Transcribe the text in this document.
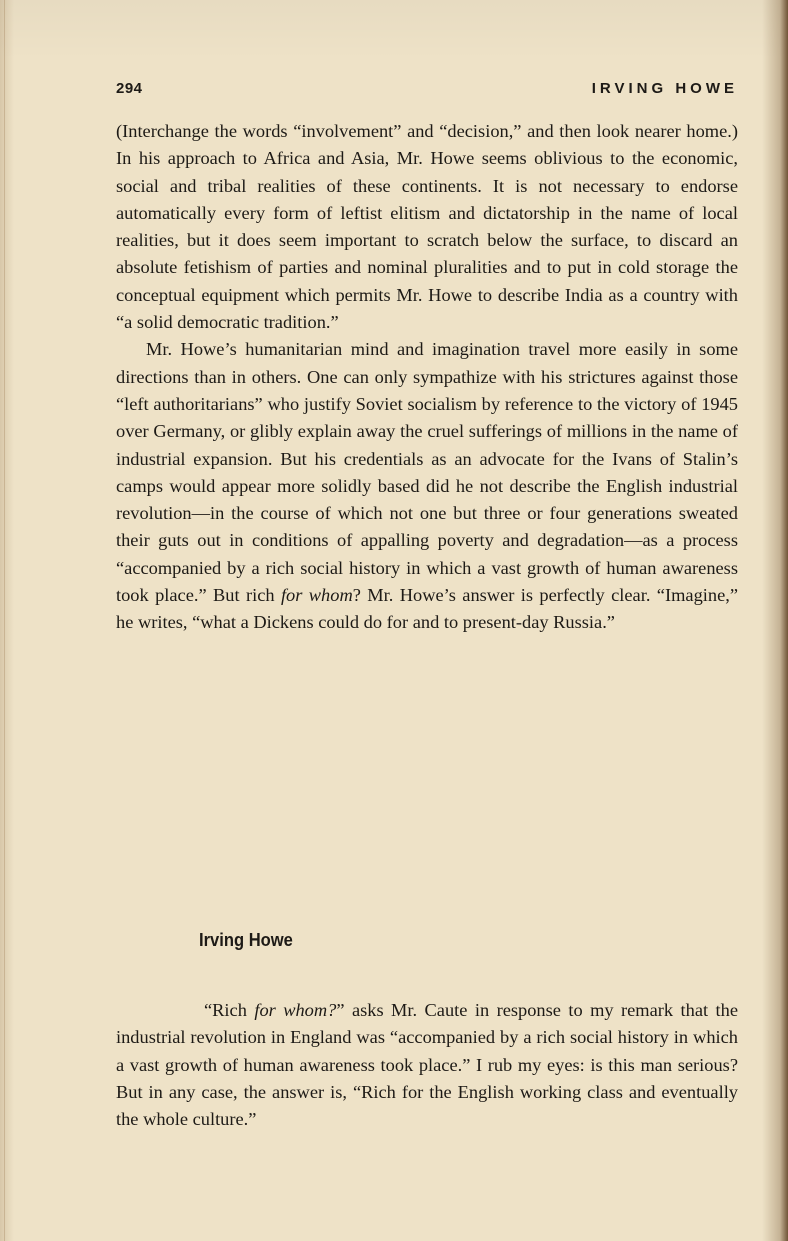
294	IRVING HOWE

(Interchange the words “involvement” and “decision,” and then look nearer home.) In his approach to Africa and Asia, Mr. Howe seems oblivious to the economic, social and tribal realities of these continents. It is not necessary to endorse automatically every form of leftist elitism and dictatorship in the name of local realities, but it does seem important to scratch below the surface, to discard an absolute fetishism of parties and nominal pluralities and to put in cold storage the conceptual equipment which permits Mr. Howe to describe India as a country with “a solid democratic tradition.”

Mr. Howe’s humanitarian mind and imagination travel more easily in some directions than in others. One can only sympathize with his strictures against those “left authoritarians” who justify Soviet socialism by reference to the victory of 1945 over Germany, or glibly explain away the cruel sufferings of millions in the name of industrial expansion. But his credentials as an advocate for the Ivans of Stalin’s camps would appear more solidly based did he not describe the English industrial revolution—in the course of which not one but three or four generations sweated their guts out in conditions of appalling poverty and degradation—as a process “accompanied by a rich social history in which a vast growth of human awareness took place.” But rich for whom? Mr. Howe’s answer is perfectly clear. “Imagine,” he writes, “what a Dickens could do for and to present-day Russia.”

Irving Howe

“Rich for whom?” asks Mr. Caute in response to my remark that the industrial revolution in England was “accompanied by a rich social history in which a vast growth of human awareness took place.” I rub my eyes: is this man serious? But in any case, the answer is, “Rich for the English working class and eventually the whole culture.”
